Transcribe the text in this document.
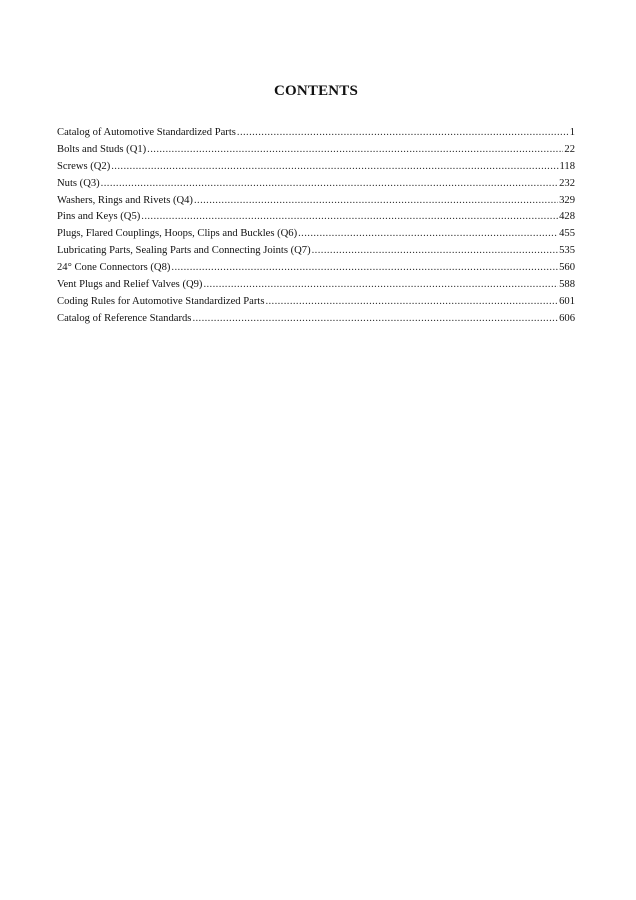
CONTENTS
Catalog of Automotive Standardized Parts .....	1
Bolts and Studs (Q1) .....	22
Screws (Q2) .....	118
Nuts (Q3) .....	232
Washers, Rings and Rivets (Q4) .....	329
Pins and Keys (Q5) .....	428
Plugs, Flared Couplings, Hoops, Clips and Buckles (Q6) .....	455
Lubricating Parts, Sealing Parts and Connecting Joints (Q7) .....	535
24° Cone Connectors (Q8) .....	560
Vent Plugs and Relief Valves (Q9) .....	588
Coding Rules for Automotive Standardized Parts .....	601
Catalog of Reference Standards .....	606
